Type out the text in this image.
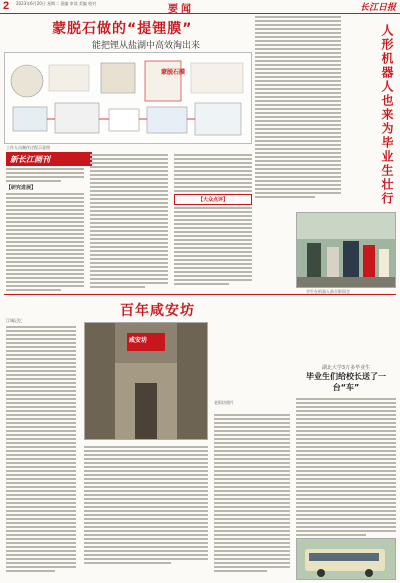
2 2023年6月20日 星期二 责编 审读 美编 校对
要闻	长江日报
蒙脱石做的“提锂膜”
能把锂从盐湖中高效淘出来
蒙脱石膜
工作人员制作过程示意图
新长江画刊
【研究进展】
【大众点评】	人形机器人也来为毕业生壮行
学生在机器人前合影留念
百年咸安坊
江城记忆
咸安坊
老街坊照片
湖北大学3万多毕业生
毕业生们给校长送了一台“车”
